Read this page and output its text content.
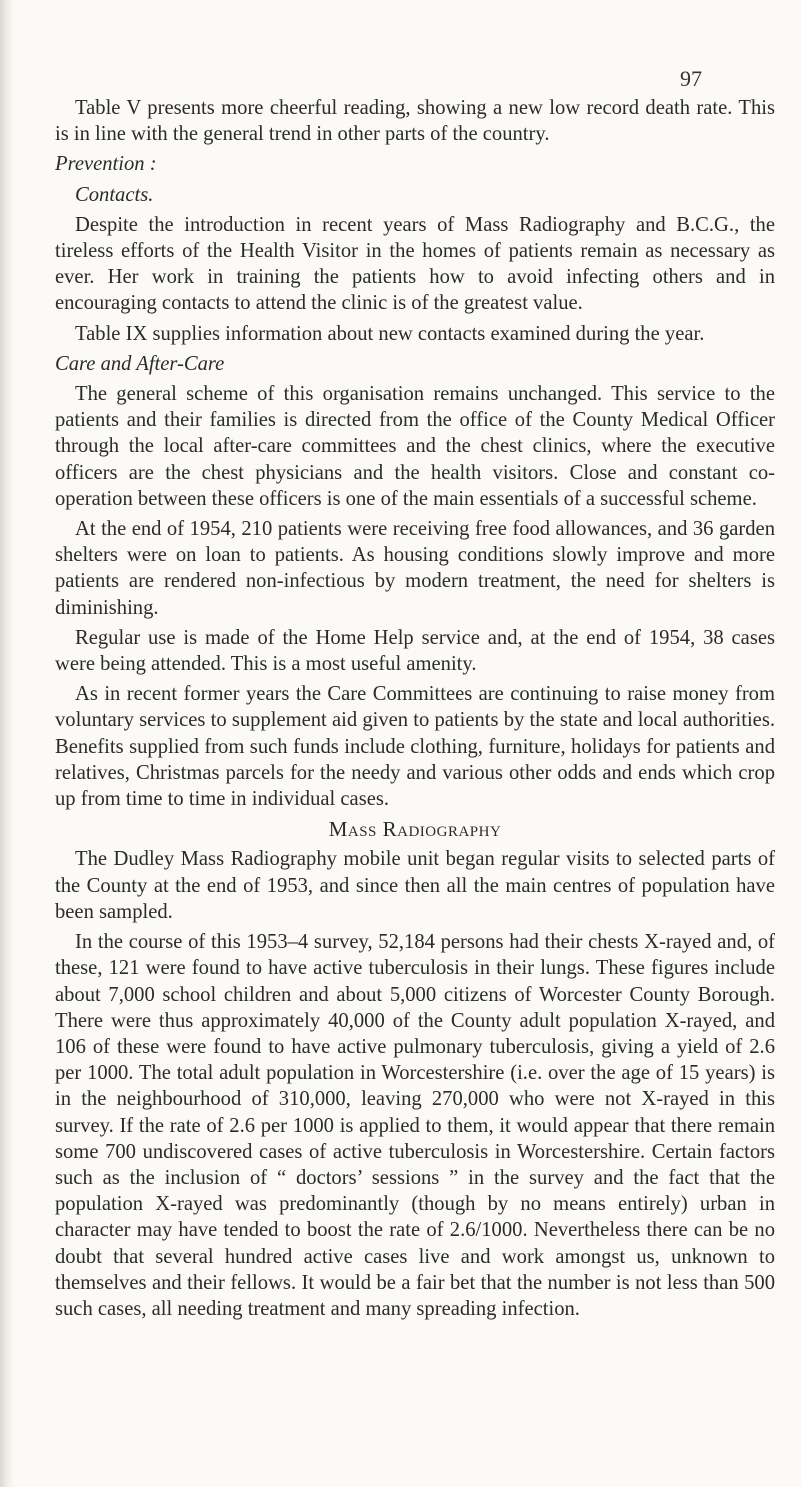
97

Table V presents more cheerful reading, showing a new low record death rate. This is in line with the general trend in other parts of the country.

Prevention :

Contacts.

Despite the introduction in recent years of Mass Radiography and B.C.G., the tireless efforts of the Health Visitor in the homes of patients remain as necessary as ever. Her work in training the patients how to avoid infecting others and in encouraging contacts to attend the clinic is of the greatest value.

Table IX supplies information about new contacts examined during the year.

Care and After-Care

The general scheme of this organisation remains unchanged. This service to the patients and their families is directed from the office of the County Medical Officer through the local after-care committees and the chest clinics, where the executive officers are the chest physicians and the health visitors. Close and constant co-operation between these officers is one of the main essentials of a successful scheme.

At the end of 1954, 210 patients were receiving free food allowances, and 36 garden shelters were on loan to patients. As housing conditions slowly improve and more patients are rendered non-infectious by modern treatment, the need for shelters is diminishing.

Regular use is made of the Home Help service and, at the end of 1954, 38 cases were being attended. This is a most useful amenity.

As in recent former years the Care Committees are continuing to raise money from voluntary services to supplement aid given to patients by the state and local authorities. Benefits supplied from such funds include clothing, furniture, holidays for patients and relatives, Christmas parcels for the needy and various other odds and ends which crop up from time to time in individual cases.

Mass Radiography

The Dudley Mass Radiography mobile unit began regular visits to selected parts of the County at the end of 1953, and since then all the main centres of population have been sampled.

In the course of this 1953–4 survey, 52,184 persons had their chests X-rayed and, of these, 121 were found to have active tuberculosis in their lungs. These figures include about 7,000 school children and about 5,000 citizens of Worcester County Borough. There were thus approximately 40,000 of the County adult population X-rayed, and 106 of these were found to have active pulmonary tuberculosis, giving a yield of 2.6 per 1000. The total adult population in Worcestershire (i.e. over the age of 15 years) is in the neighbourhood of 310,000, leaving 270,000 who were not X-rayed in this survey. If the rate of 2.6 per 1000 is applied to them, it would appear that there remain some 700 undiscovered cases of active tuberculosis in Worcestershire. Certain factors such as the inclusion of “ doctors’ sessions ” in the survey and the fact that the population X-rayed was predominantly (though by no means entirely) urban in character may have tended to boost the rate of 2.6/1000. Nevertheless there can be no doubt that several hundred active cases live and work amongst us, unknown to themselves and their fellows. It would be a fair bet that the number is not less than 500 such cases, all needing treatment and many spreading infection.
